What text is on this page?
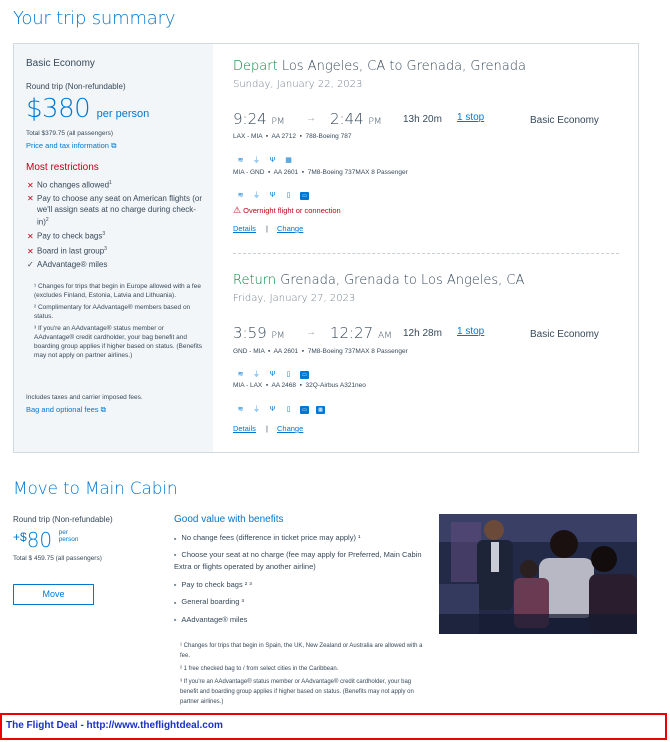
Your trip summary
Basic Economy
Round trip (Non-refundable)
$380 per person
Total $379.75 (all passengers)
Price and tax information ⧉
Most restrictions
✕ No changes allowed$^1$
✕ Pay to choose any seat on American flights (or we'll assign seats at no charge during check-in)$^2$
✕ Pay to check bags$^3$
✕ Board in last group$^3$
✓ AAdvantage® miles
¹ Changes for trips that begin in Europe allowed with a fee (excludes Finland, Estonia, Latvia and Lithuania).
² Complimentary for AAdvantage® members based on status.
³ If you're an AAdvantage® status member or AAdvantage® credit cardholder, your bag benefit and boarding group applies if higher based on status. (Benefits may not apply on partner airlines.)
Includes taxes and carrier imposed fees.
Bag and optional fees ⧉
Depart Los Angeles, CA to Grenada, Grenada
Sunday, January 22, 2023
9:24 PM → 2:44 PM 13h 20m 1 stop	Basic Economy
LAX - MIA  ▪  AA 2712  ▪  788-Boeing 787
≋ ⏚ Ψ ▦
MIA - GND  ▪  AA 2601  ▪  7M8-Boeing 737MAX 8 Passenger
≋ ⏚ Ψ ▯ ▭
⚠ Overnight flight or connection
Details | Change
Return Grenada, Grenada to Los Angeles, CA
Friday, January 27, 2023
3:59 PM → 12:27 AM 12h 28m 1 stop	Basic Economy
GND - MIA  ▪  AA 2601  ▪  7M8-Boeing 737MAX 8 Passenger
≋ ⏚ Ψ ▯ ▭
MIA - LAX  ▪  AA 2468  ▪  32Q-Airbus A321neo
≋ ⏚ Ψ ▯ ▭ ▦
Details | Change
Move to Main Cabin
Round trip (Non-refundable)
+$80 per
person
Total $ 459.75 (all passengers)
Move
Good value with benefits
■ No change fees (difference in ticket price may apply) ¹
■ Choose your seat at no charge (fee may apply for Preferred, Main Cabin Extra or flights operated by another airline)
■ Pay to check bags ² ³
■ General boarding ³
■ AAdvantage® miles
¹ Changes for trips that begin in Spain, the UK, New Zealand or Australia are allowed with a fee.
² 1 free checked bag to / from select cities in the Caribbean.
³ If you're an AAdvantage® status member or AAdvantage® credit cardholder, your bag benefit and boarding group applies if higher based on status. (Benefits may not apply on partner airlines.)
The Flight Deal - http://www.theflightdeal.com
